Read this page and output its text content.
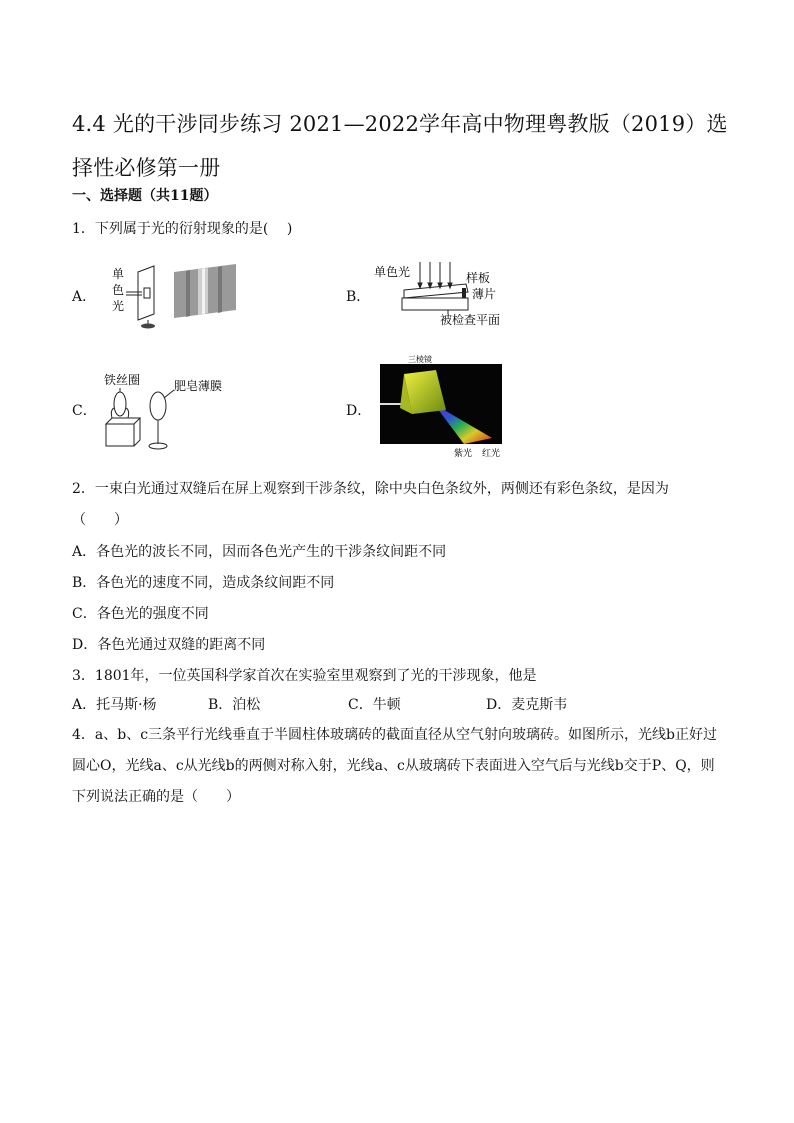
4.4 光的干涉同步练习 2021—2022学年高中物理粤教版（2019）选择性必修第一册
一、选择题（共11题）
1．下列属于光的衍射现象的是(　 )
A．
单
色
光
B．
单色光	样板
薄片
被检查平面
C．
铁丝圈	肥皂薄膜
D．
三棱镜
紫光 红光
2．一束白光通过双缝后在屏上观察到干涉条纹，除中央白色条纹外，两侧还有彩色条纹，是因为
（　　）
A．各色光的波长不同，因而各色光产生的干涉条纹间距不同
B．各色光的速度不同，造成条纹间距不同
C．各色光的强度不同
D．各色光通过双缝的距离不同
3．1801年，一位英国科学家首次在实验室里观察到了光的干涉现象，他是
A．托马斯·杨	B．泊松	C．牛顿	D．麦克斯韦
4．a、b、c三条平行光线垂直于半圆柱体玻璃砖的截面直径从空气射向玻璃砖。如图所示，光线b正好过圆心O，光线a、c从光线b的两侧对称入射，光线a、c从玻璃砖下表面进入空气后与光线b交于P、Q，则下列说法正确的是（　　）
